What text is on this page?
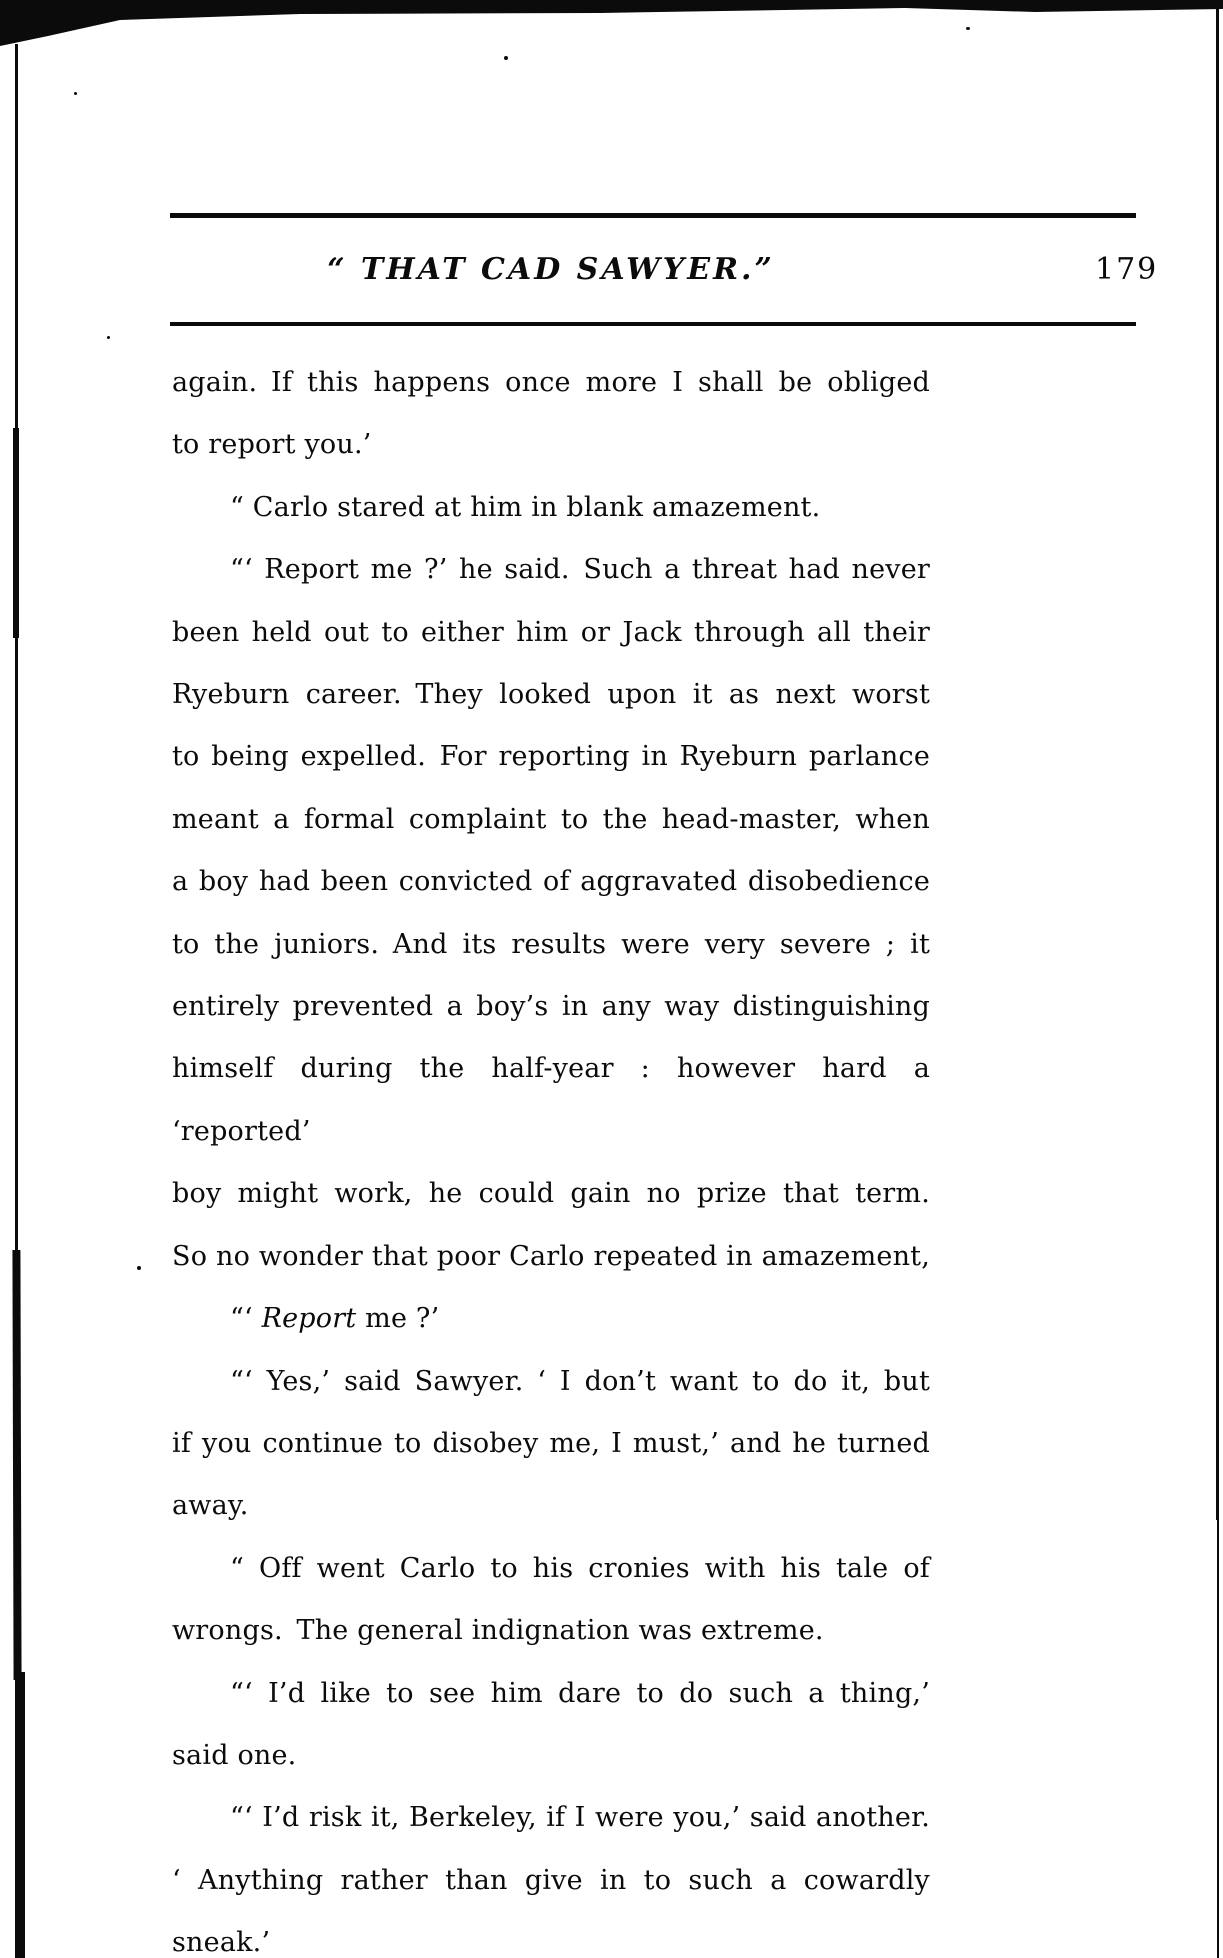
“ THAT CAD SAWYER.”	179
again. If this happens once more I shall be obliged
to report you.’
“ Carlo stared at him in blank amazement.
“‘ Report me ?’ he said. Such a threat had never
been held out to either him or Jack through all their
Ryeburn career. They looked upon it as next worst
to being expelled. For reporting in Ryeburn parlance
meant a formal complaint to the head-master, when
a boy had been convicted of aggravated disobedience
to the juniors. And its results were very severe ; it
entirely prevented a boy’s in any way distinguishing
himself during the half-year : however hard a ‘reported’
boy might work, he could gain no prize that term.
So no wonder that poor Carlo repeated in amazement,
“‘ Report me ?’
“‘ Yes,’ said Sawyer. ‘ I don’t want to do it, but
if you continue to disobey me, I must,’ and he turned
away.
“ Off went Carlo to his cronies with his tale of
wrongs. The general indignation was extreme.
“‘ I’d like to see him dare to do such a thing,’
said one.
“‘ I’d risk it, Berkeley, if I were you,’ said another.
‘ Anything rather than give in to such a cowardly
sneak.’
